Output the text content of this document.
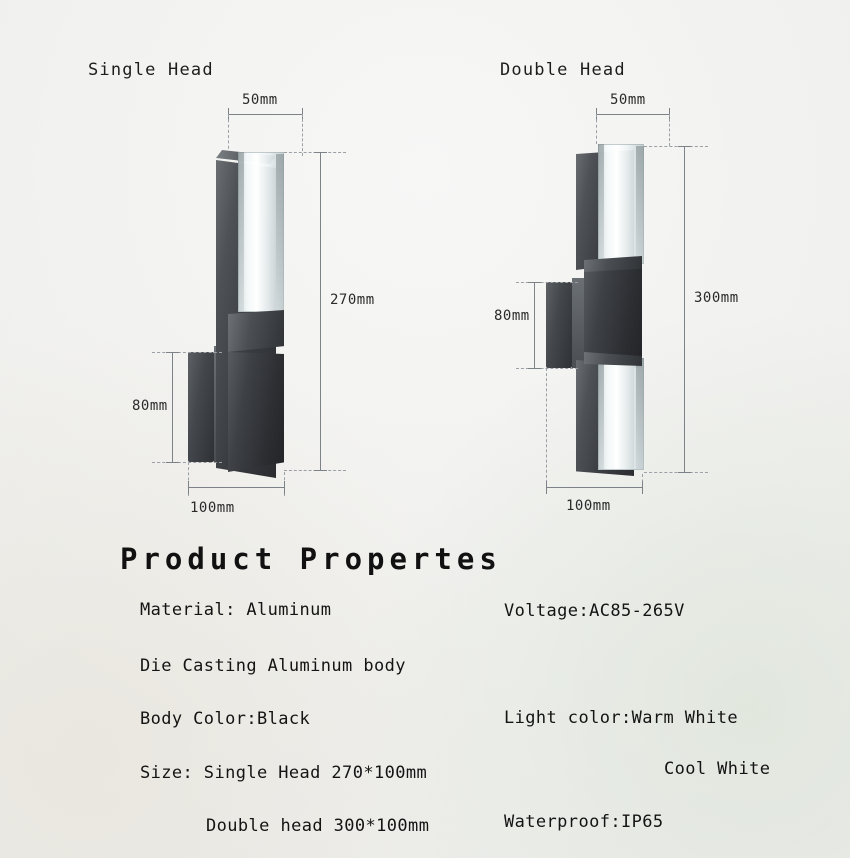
Single Head
50mm
270mm
80mm
100mm
Double Head
50mm
300mm
80mm
100mm
Product Propertes
Material: Aluminum
Die Casting Aluminum body
Body Color:Black
Size: Single Head 270*100mm
Double head 300*100mm
Voltage:AC85-265V
Light color:Warm White
Cool White
Waterproof:IP65
